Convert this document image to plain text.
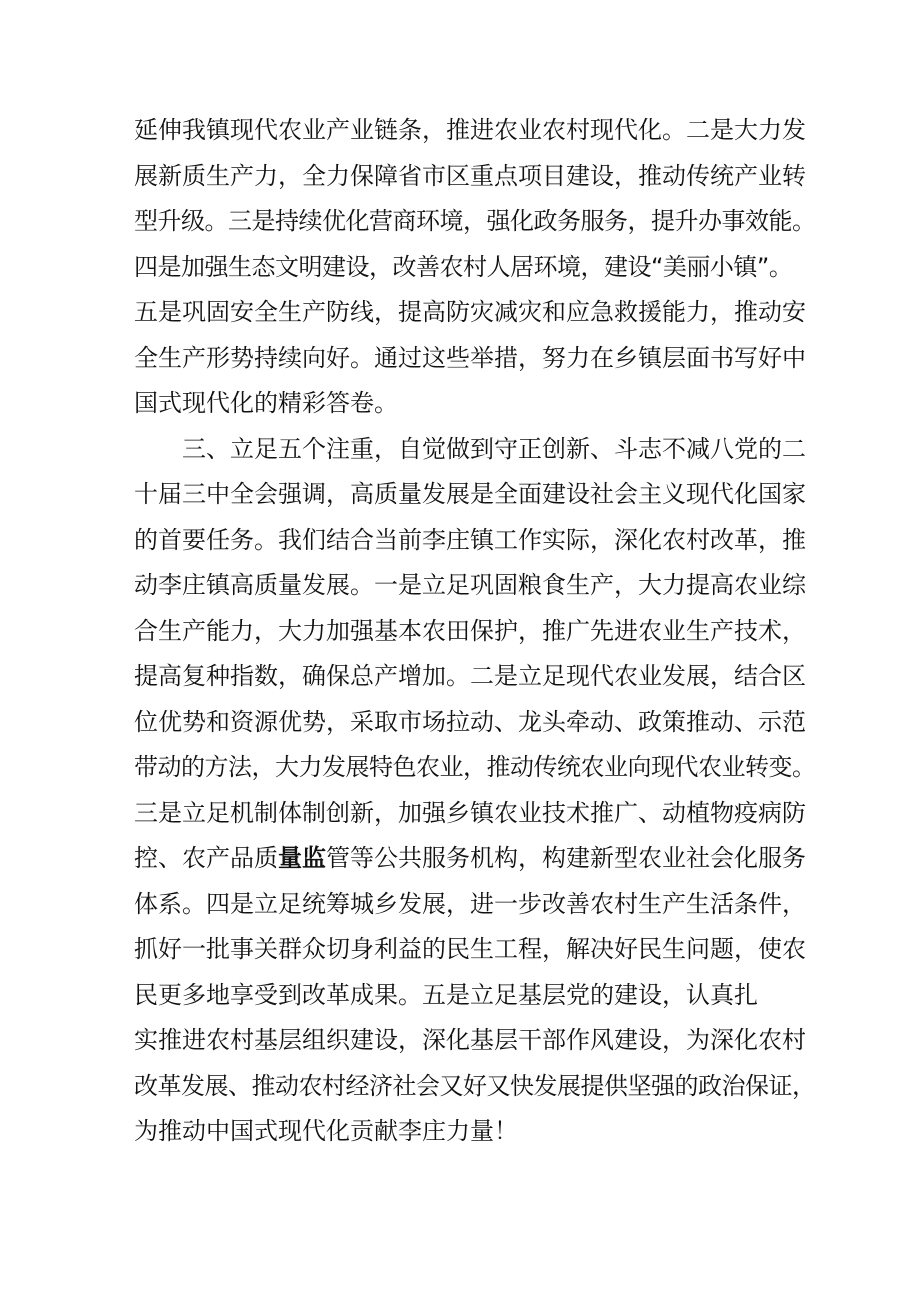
延伸我镇现代农业产业链条，推进农业农村现代化。二是大力发
展新质生产力，全力保障省市区重点项目建设，推动传统产业转
型升级。三是持续优化营商环境，强化政务服务，提升办事效能。
四是加强生态文明建设，改善农村人居环境，建设“美丽小镇”。
五是巩固安全生产防线，提高防灾减灾和应急救援能力，推动安
全生产形势持续向好。通过这些举措，努力在乡镇层面书写好中
国式现代化的精彩答卷。
三、立足五个注重，自觉做到守正创新、斗志不减八党的二
十届三中全会强调，高质量发展是全面建设社会主义现代化国家
的首要任务。我们结合当前李庄镇工作实际，深化农村改革，推
动李庄镇高质量发展。一是立足巩固粮食生产，大力提高农业综
合生产能力，大力加强基本农田保护，推广先进农业生产技术，
提高复种指数，确保总产增加。二是立足现代农业发展，结合区
位优势和资源优势，采取市场拉动、龙头牵动、政策推动、示范
带动的方法，大力发展特色农业，推动传统农业向现代农业转变。
三是立足机制体制创新，加强乡镇农业技术推广、动植物疫病防
控、农产品质量监管等公共服务机构，构建新型农业社会化服务
体系。四是立足统筹城乡发展，进一步改善农村生产生活条件，
抓好一批事关群众切身利益的民生工程，解决好民生问题，使农
民更多地享受到改革成果。五是立足基层党的建设，认真扎
实推进农村基层组织建设，深化基层干部作风建设，为深化农村
改革发展、推动农村经济社会又好又快发展提供坚强的政治保证，
为推动中国式现代化贡献李庄力量！
